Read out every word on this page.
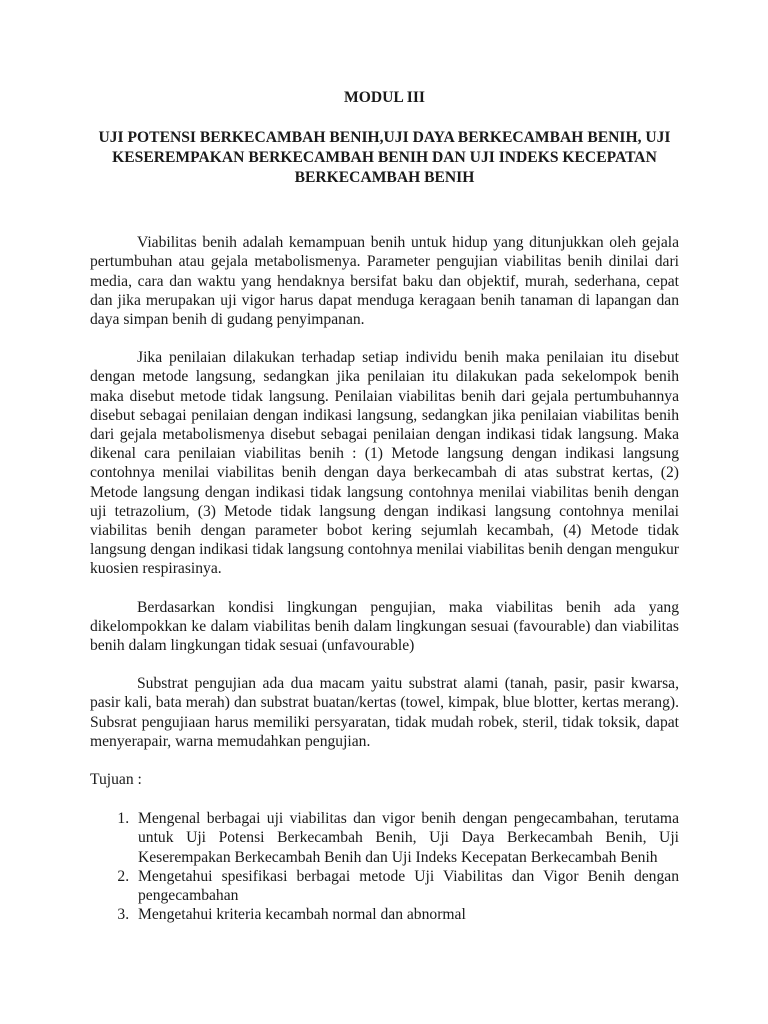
MODUL III
UJI POTENSI BERKECAMBAH BENIH,UJI DAYA BERKECAMBAH BENIH, UJI KESEREMPAKAN BERKECAMBAH BENIH DAN UJI INDEKS KECEPATAN BERKECAMBAH BENIH

Viabilitas benih adalah kemampuan benih untuk hidup yang ditunjukkan oleh gejala pertumbuhan atau gejala metabolismenya. Parameter pengujian viabilitas benih dinilai dari media, cara dan waktu yang hendaknya bersifat baku dan objektif, murah, sederhana, cepat dan jika merupakan uji vigor harus dapat menduga keragaan benih tanaman di lapangan dan daya simpan benih di gudang penyimpanan.

Jika penilaian dilakukan terhadap setiap individu benih maka penilaian itu disebut dengan metode langsung, sedangkan jika penilaian itu dilakukan pada sekelompok benih maka disebut metode tidak langsung. Penilaian viabilitas benih dari gejala pertumbuhannya disebut sebagai penilaian dengan indikasi langsung, sedangkan jika penilaian viabilitas benih dari gejala metabolismenya disebut sebagai penilaian dengan indikasi tidak langsung. Maka dikenal cara penilaian viabilitas benih : (1) Metode langsung dengan indikasi langsung contohnya menilai viabilitas benih dengan daya berkecambah di atas substrat kertas, (2) Metode langsung dengan indikasi tidak langsung contohnya menilai viabilitas benih dengan uji tetrazolium, (3) Metode tidak langsung dengan indikasi langsung contohnya menilai viabilitas benih dengan parameter bobot kering sejumlah kecambah, (4) Metode tidak langsung dengan indikasi tidak langsung contohnya menilai viabilitas benih dengan mengukur kuosien respirasinya.

Berdasarkan kondisi lingkungan pengujian, maka viabilitas benih ada yang dikelompokkan ke dalam viabilitas benih dalam lingkungan sesuai (favourable) dan viabilitas benih dalam lingkungan tidak sesuai (unfavourable)

Substrat pengujian ada dua macam yaitu substrat alami (tanah, pasir, pasir kwarsa, pasir kali, bata merah) dan substrat buatan/kertas (towel, kimpak, blue blotter, kertas merang). Subsrat pengujiaan harus memiliki persyaratan, tidak mudah robek, steril, tidak toksik, dapat menyerapair, warna memudahkan pengujian.

Tujuan :
1. Mengenal berbagai uji viabilitas dan vigor benih dengan pengecambahan, terutama untuk Uji Potensi Berkecambah Benih, Uji Daya Berkecambah Benih, Uji Keserempakan Berkecambah Benih dan Uji Indeks Kecepatan Berkecambah Benih
2. Mengetahui spesifikasi berbagai metode Uji Viabilitas dan Vigor Benih dengan pengecambahan
3. Mengetahui kriteria kecambah normal dan abnormal
